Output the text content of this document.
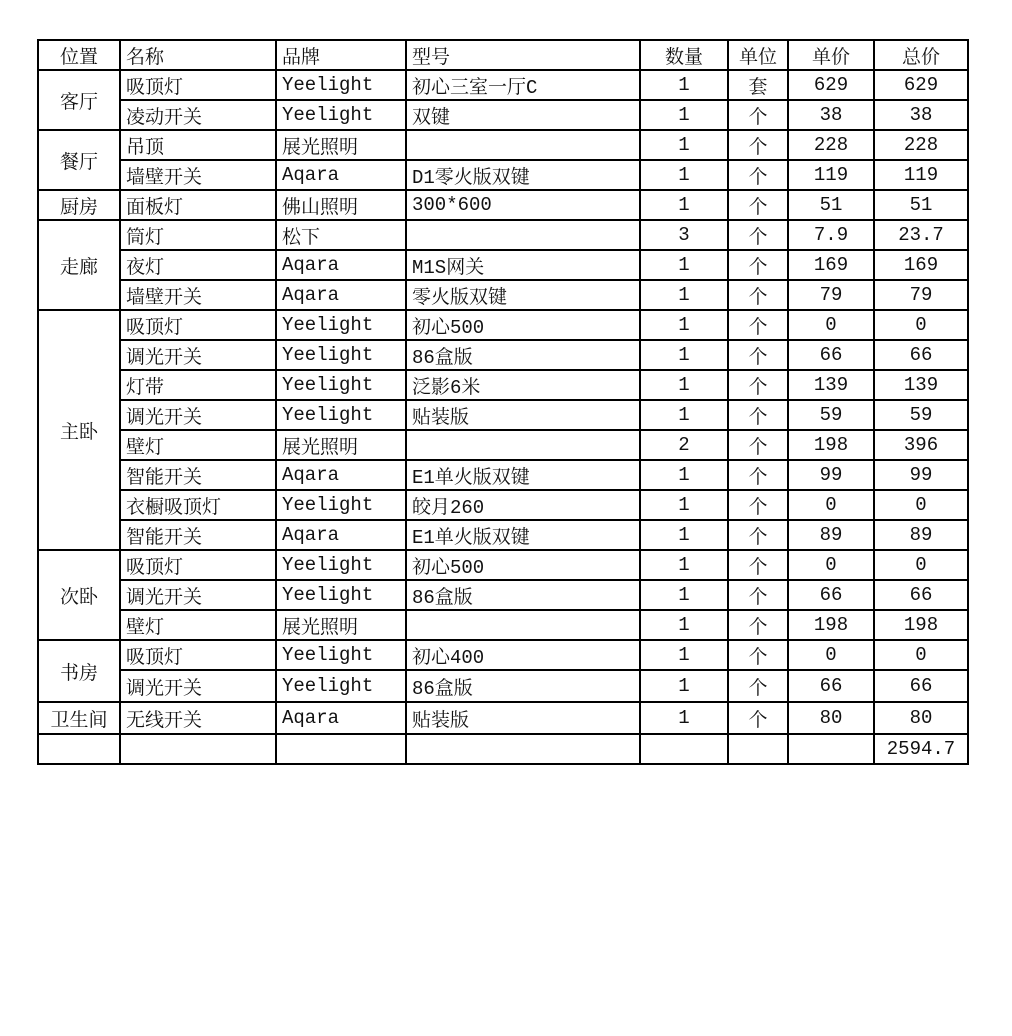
位置	名称	品牌	型号	数量	单位	单价	总价
客厅	吸顶灯	Yeelight	初心三室一厅C	1	套	629	629
	凌动开关	Yeelight	双键	1	个	38	38
餐厅	吊顶	展光照明		1	个	228	228
	墙壁开关	Aqara	D1零火版双键	1	个	119	119
厨房	面板灯	佛山照明	300*600	1	个	51	51
走廊	筒灯	松下		3	个	7.9	23.7
	夜灯	Aqara	M1S网关	1	个	169	169
	墙壁开关	Aqara	零火版双键	1	个	79	79
主卧	吸顶灯	Yeelight	初心500	1	个	0	0
	调光开关	Yeelight	86盒版	1	个	66	66
	灯带	Yeelight	泛影6米	1	个	139	139
	调光开关	Yeelight	贴装版	1	个	59	59
	壁灯	展光照明		2	个	198	396
	智能开关	Aqara	E1单火版双键	1	个	99	99
	衣橱吸顶灯	Yeelight	皎月260	1	个	0	0
	智能开关	Aqara	E1单火版双键	1	个	89	89
次卧	吸顶灯	Yeelight	初心500	1	个	0	0
	调光开关	Yeelight	86盒版	1	个	66	66
	壁灯	展光照明		1	个	198	198
书房	吸顶灯	Yeelight	初心400	1	个	0	0
	调光开关	Yeelight	86盒版	1	个	66	66
卫生间	无线开关	Aqara	贴装版	1	个	80	80
							2594.7
